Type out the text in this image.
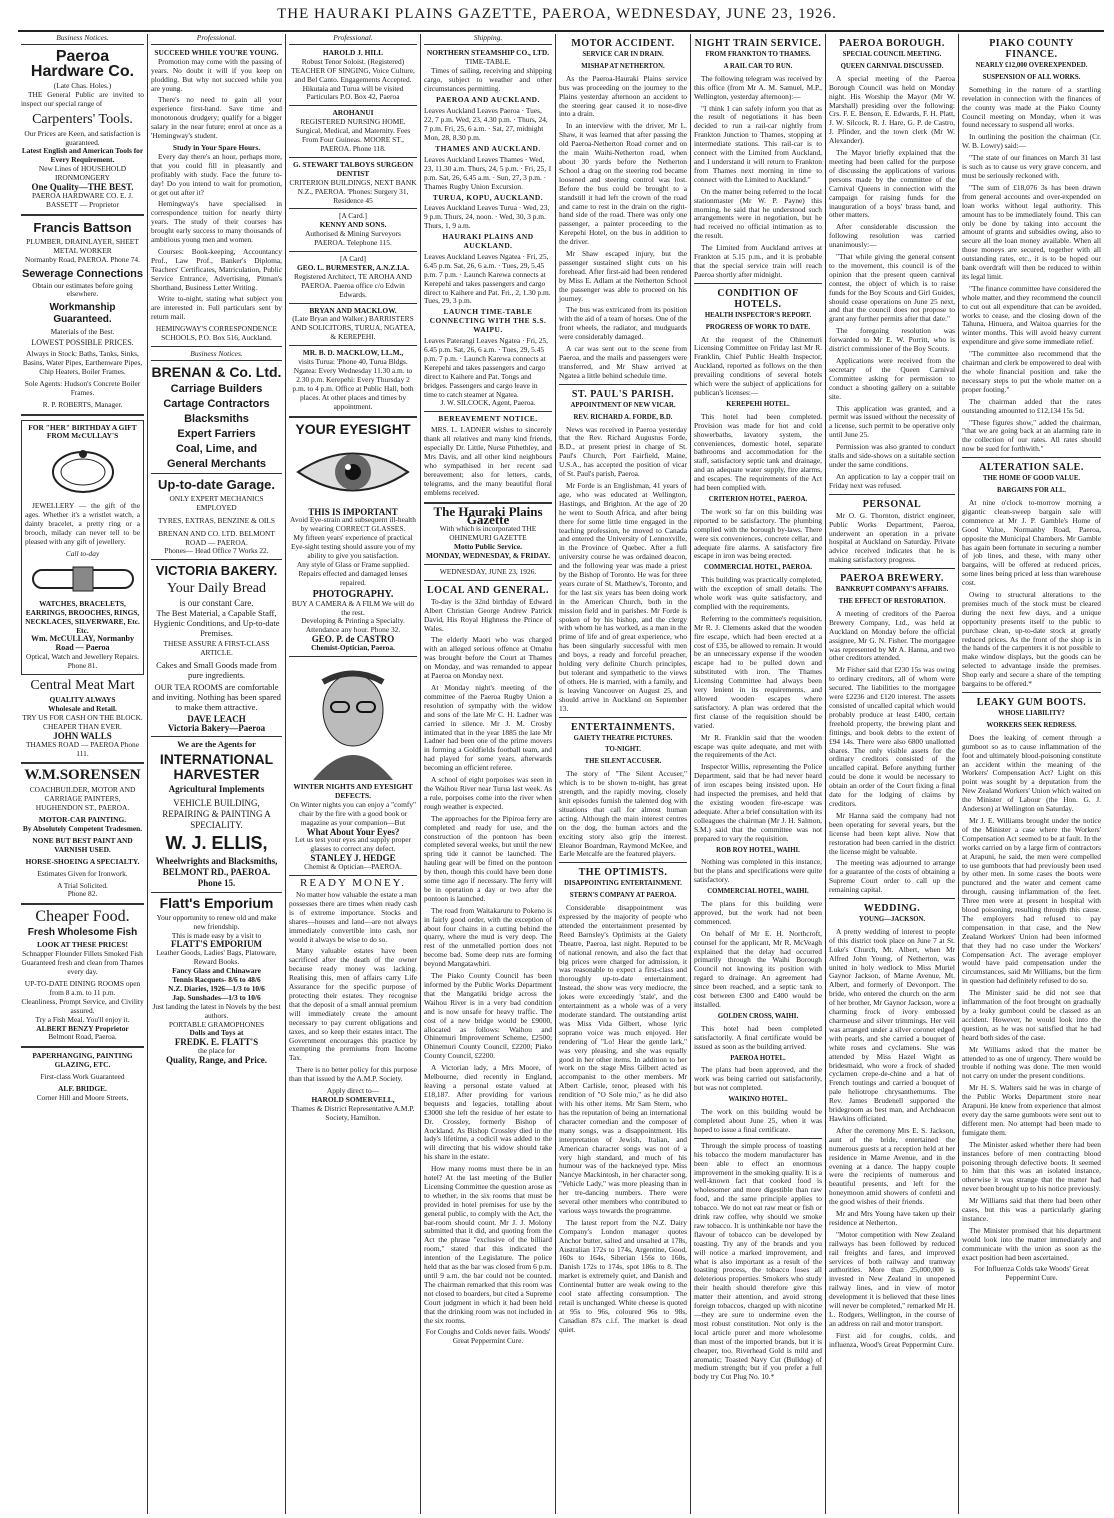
THE HAURAKI PLAINS GAZETTE, PAEROA, WEDNESDAY, JUNE 23, 1926.
Business Notices.
Paeroa Hardware Co.
(Late Chas. Holes.)

THE General Public are invited to inspect our special range of

Carpenters' Tools.
Our Prices are Keen, and satisfaction is guaranteed.
Latest English and American Tools for Every Requirement.
New Lines of HOUSEHOLD IRONMONGERY
One Quality—THE BEST.
PAEROA HARDWARE CO. E. J. BASSETT — Proprietor
Francis Battson
PLUMBER, DRAINLAYER, SHEET METAL WORKER
Normanby Road, PAEROA. Phone 74.
Sewerage Connections
Obtain our estimates before going elsewhere.
Workmanship Guaranteed.
Materials of the Best.
LOWEST POSSIBLE PRICES.
Always in Stock: Baths, Tanks, Sinks, Basins, Water Pipes, Earthenware Pipes, Chip Heaters, Boiler Frames.
Sole Agents: Hudson's Concrete Boiler Frames.
R. P. ROBERTS, Manager.
FOR "HER" BIRTHDAY A GIFT FROM McCULLAY'S

JEWELLERY — the gift of the ages. Whether it's a wristlet watch, a dainty bracelet, a pretty ring or a brooch, milady can never tell to be pleased with any gift of jewellery.

Call to-day
WATCHES, BRACELETS, EARRINGS, BROOCHES, RINGS, NECKLACES, SILVERWARE, Etc. Etc.
Wm. McCULLAY, Normanby Road — Paeroa
Optical, Watch and Jewellery Repairs. Phone 81.
Central Meat Mart
QUALITY ALWAYS
Wholesale and Retail.
TRY US FOR CASH ON THE BLOCK. CHEAPER THAN EVER.
JOHN WALLS
THAMES ROAD — PAEROA Phone 111.
W.M.SORENSEN
COACHBUILDER, MOTOR AND CARRIAGE PAINTERS, HUGHENDON ST., PAEROA.
MOTOR-CAR PAINTING.
By Absolutely Competent Tradesmen.
NONE BUT BEST PAINT AND VARNISH USED.
HORSE-SHOEING A SPECIALTY.
Estimates Given for Ironwork.
A Trial Solicited.
Phone 82.
Cheaper Food.
Fresh Wholesome Fish
LOOK AT THESE PRICES!
Schnapper Flounder Fillets Smoked Fish
Guaranteed fresh and clean from Thames every day.
UP-TO-DATE DINING ROOMS open from 8 a.m. to 11 p.m.
Cleanliness, Prompt Service, and Civility assured.
Try a Fish Meal. You'll enjoy it.
ALBERT BENZY Proprietor
Belmont Road, Paeroa.
PAPERHANGING, PAINTING GLAZING, ETC.
First-class Work Guaranteed
ALF. BRIDGE.
Corner Hill and Moore Streets,
Professional.
SUCCEED WHILE YOU'RE YOUNG.

Promotion may come with the passing of years. No doubt it will if you keep on plodding. But why not succeed while you are young.

There's no need to gain all your experience first-hand. Save time and monotonous drudgery; qualify for a bigger salary in the near future; enrol at once as a 'Hemingway's student.

Study in Your Spare Hours.

Every day there's an hour, perhaps more, that you could fill in pleasantly and profitably with study. Face the future to-day! Do you intend to wait for promotion, or get out after it?

Hemingway's have specialised in correspondence tuition for nearly thirty years. The study of their courses has brought early success to many thousands of ambitious young men and women.

Courses: Book-keeping, Accountancy Prof., Law Prof., Banker's Diploma, Teachers' Certificates, Matriculation, Public Service Entrance, Advertising, Pitman's Shorthand, Business Letter Writing.

Write to-night, stating what subject you are interested in. Full particulars sent by return mail.

HEMINGWAY'S CORRESPONDENCE SCHOOLS, P.O. Box 516, Auckland.
Business Notices.
BRENAN & Co. Ltd.
Carriage Builders
Cartage Contractors
Blacksmiths
Expert Farriers
Coal, Lime, and
General Merchants
Up-to-date Garage.
ONLY EXPERT MECHANICS EMPLOYED
TYRES, EXTRAS, BENZINE & OILS
BRENAN AND CO. LTD. BELMONT ROAD — PAEROA.
Phones— Head Office 7 Works 22.
VICTORIA BAKERY.
Your Daily Bread
is our constant Care.
The Best Material, a Capable Staff, Hygienic Conditions, and Up-to-date Premises.
THESE ASSURE A FIRST-CLASS ARTICLE.
Cakes and Small Goods made from pure ingredients.
OUR TEA ROOMS are comfortable and inviting. Nothing has been spared to make them attractive.
DAVE LEACH
Victoria Bakery—Paeroa
We are the Agents for
INTERNATIONAL HARVESTER
Agricultural Implements
VEHICLE BUILDING, REPAIRING & PAINTING A SPECIALITY.
W. J. ELLIS,
Wheelwrights and Blacksmiths,
BELMONT RD., PAEROA. Phone 15.
Flatt's Emporium
Your opportunity to renew old and make new friendship.
This is made easy by a visit to
FLATT'S EMPORIUM
Leather Goods, Ladies' Bags, Platoware, Reward Books.
Fancy Glass and Chinaware
Tennis Racquets- 8/6 to 48/6
N.Z. Diaries, 1926—1/3 to 10/6
Jap. Sunshades—1/3 to 10/6
Just landing the latest in Novels by the best authors.
PORTABLE GRAMOPHONES
Dolls and Toys at
FREDK. E. FLATT'S
the place for
Quality, Range, and Price.
Professional.
HAROLD J. HILL
Robust Tenor Soloist. (Registered) TEACHER OF SINGING, Voice Culture, and Bel Canto. Engagements Accepted. Hikutaia and Turua will be visited Particulars P.O. Box 42, Paeroa
AROHANUI
REGISTERED NURSING HOME. Surgical, Medical, and Maternity. Fees From Four Guineas. MOORE ST., PAEROA. Phone 118.
G. STEWART TALBOYS SURGEON DENTIST
CRITERION BUILDINGS, NEXT BANK N.Z., PAEROA. 'Phones: Surgery 31, Residence 45
[A Card.]
KENNY AND SONS.
Authorised & Mining Surveyors PAEROA. Telephone 115.
[A Card]
GEO. L. BURMESTER, A.N.Z.I.A.
Registered Architect, TE AROHA AND PAEROA. Paeroa office c/o Edwin Edwards.
BRYAN AND MACKLOW.
(Late Bryan and Walker.) BARRISTERS AND SOLICITORS, TURUA, NGATEA, & KEREPEHI.
MR. B. D. MACKLOW, LL.M.,
visits Turua: 'Phone 40, Turua Bldgs. Ngatea: Every Wednesday 11.30 a.m. to 2.30 p.m. Kerepehi: Every Thursday 2 p.m. to 4 p.m. Office at Public Hall, both places. At other places and times by appointment.
YOUR EYESIGHT
THIS IS IMPORTANT
Avoid Eye-strain and subsequent ill-health by wearing CORRECT GLASSES.
My fifteen years' experience of practical Eye-sight testing should assure you of my ability to give you satisfaction.
Any style of Glass or Frame supplied.
Repairs effected and damaged lenses repaired.
PHOTOGRAPHY.
BUY A CAMERA & A FILM We will do the rest.
Developing & Printing a Specialty.
Attendance any hour. Phone 32.
GEO. P. de CASTRO
Chemist-Optician, Paeroa.
WINTER NIGHTS AND EYESIGHT DEFECTS.
On Winter nights you can enjoy a "comfy" chair by the fire with a good book or magazine as your companion—But
What About Your Eyes?
Let us test your eyes and supply proper glasses to correct any defect.
STANLEY J. HEDGE
Chemist & Optician—PAEROA.
READY MONEY.

No matter how valuable the estate a man possesses there are times when ready cash is of extreme importance. Stocks and shares—houses and land—are not always immediately convertible into cash, nor would it always be wise to do so.

Many valuable estates have been sacrificed after the death of the owner because ready money was lacking. Realising this, men of affairs carry Life Assurance for the specific purpose of protecting their estates. They recognise that the deposit of a small annual premium will immediately create the amount necessary to pay current obligations and taxes, and so keep their estates intact. The Government encourages this practice by exempting the premiums from Income Tax.

There is no better policy for this purpose than that issued by the A.M.P. Society.

Apply direct to—
HAROLD SOMERVELL,
Thames & District Representative A.M.P. Society, Hamilton.
Shipping.
NORTHERN STEAMSHIP CO., LTD.
TIME-TABLE.

Times of sailing, receiving and shipping cargo, subject to weather and other circumstances permitting.

PAEROA AND AUCKLAND.
Leaves Auckland Leaves Paeroa · Tues, 22, 7 p.m. Wed, 23, 4.30 p.m. · Thurs, 24, 7 p.m. Fri, 25, 6 a.m. · Sat, 27, midnight Mon, 28, 8.30 p.m.
THAMES AND AUCKLAND.
Leaves Auckland Leaves Thames · Wed, 23, 11.30 a.m. Thurs, 24, 5 p.m. · Fri, 25, 1 p.m. Sat, 26, 6.45 a.m. · Sun, 27, 3 p.m. · Thames Rugby Union Excursion.
TURUA, KOPU, AUCKLAND.
Leaves Auckland Leaves Turua · Wed, 23, 9 p.m. Thurs, 24, noon. · Wed, 30, 3 p.m. Thurs, 1, 9 a.m.
HAURAKI PLAINS AND AUCKLAND.
Leaves Auckland Leaves Ngatea · Fri, 25, 6.45 p.m. Sat, 26, 6 a.m. · Tues, 29, 5.45 p.m. 7 p.m. · Launch Karewa connects at Kerepehi and takes passengers and cargo direct to Kaihere and Pat. Fri., 2, 1.30 p.m. Tues, 29, 3 p.m.
LAUNCH TIME-TABLE CONNECTING WITH THE S.S. WAIPU.
Leaves Paterangi Leaves Ngatea · Fri, 25, 6.45 p.m. Sat, 26, 6 a.m. · Tues, 29, 5.45 p.m. 7 p.m. · Launch Karewa connects at Kerepehi and takes passengers and cargo direct to Kaihere and Pat. Tongs and bridges. Passengers and cargo leave in time to catch steamer at Ngatea.
J. W. SILCOCK, Agent, Paeroa.
BEREAVEMENT NOTICE.

MRS. L. LADNER wishes to sincerely thank all relatives and many kind friends, especially Dr. Little, Nurse Pithethley, and Mrs Davis, and all other kind neighbours who sympathised in her recent sad bereavement; also for letters, cards, telegrams, and the many beautiful floral emblems received.

The Hauraki Plains Gazette
With which is incorporated THE OHINEMURI GAZETTE
Motto Public Service.
MONDAY, WEDNESDAY, & FRIDAY.
WEDNESDAY, JUNE 23, 1926.
LOCAL AND GENERAL.

To-day is the 32nd birthday of Edward Albert Christian George Andrew Patrick David, His Royal Highness the Prince of Wales.

The elderly Maori who was charged with an alleged serious offence at Omahu was brought before the Court at Thames on Monday, and was remanded to appear at Paeroa on Monday next.

At Monday night's meeting of the committee of the Paeroa Rugby Union a resolution of sympathy with the widow and sons of the late Mr C. H. Ladner was carried in silence. Mr J. M. Crosby intimated that in the year 1885 the late Mr Ladner had been one of the prime movers in forming a Goldfields football team, and had played for some years, afterwards becoming an efficient referee.

A school of eight porpoises was seen in the Waihou River near Turua last week. As a rule, porpoises come into the river when rough weather is expected.

The approaches for the Pipiroa ferry are completed and ready for use, and the construction of the pontoon has been completed several weeks, but until the new spring tide it cannot be launched. The hauling gear will be fitted on the pontoon by then, though this could have been done some time ago if necessary. The ferry will be in operation a day or two after the pontoon is launched.

The road from Waitakaruru to Pokeno is in fairly good order, with the exception of about four chains in a cutting behind the quarry, where the mud is very deep. The rest of the unmetalled portion does not become bad. Some deep ruts are forming beyond Mangatawhiri.

The Piako County Council has been informed by the Public Works Department that the Mangatiki bridge across the Waihou River is in a very bad condition and is now unsafe for heavy traffic. The cost of a new bridge would be £9000, allocated as follows: Waihou and Ohinemuri Improvement Scheme, £2500; Ohinemuri County Council, £2200; Piako County Council, £2200.

A Victorian lady, a Mrs Moore, of Melbourne, died recently in England, leaving a personal estate valued at £18,187. After providing for various bequests and legacies, totalling about £3000 she left the residue of her estate to Dr. Crossley, formerly Bishop of Auckland. As Bishop Crossley died in the lady's lifetime, a codicil was added to the will directing that his widow should take his share in the estate.

How many rooms must there be in an hotel? At the last meeting of the Buller Licensing Committee the question arose as to whether, in the six rooms that must be provided in hotel premises for use by the general public, to comply with the Act, the bar-room should count. Mr J. J. Molony submitted that it did, and quoting from the Act the phrase "exclusive of the billiard room," stated that this indicated the intention of the Legislature. The police held that as the bar was closed from 6 p.m. until 9 a.m. the bar could not be counted. The chairman remarked that this room was not closed to boarders, but cited a Supreme Court judgment in which it had been held that the drinking room was not included in the six rooms.

For Coughs and Colds never fails. Woods' Great Peppermint Cure.
MOTOR ACCIDENT.
SERVICE CAR IN DRAIN.
MISHAP AT NETHERTON.

As the Paeroa-Hauraki Plains service bus was proceeding on the journey to the Plains yesterday afternoon an accident to the steering gear caused it to nose-dive into a drain.

In an interview with the driver, Mr L. Shaw, it was learned that after passing the old Paeroa-Netherton Road corner and on the main Waihi-Netherton road, when about 30 yards before the Netherton School a drag on the steering rod became loosened and steering control was lost. Before the bus could be brought to a standstill it had left the crown of the road and came to rest in the drain on the right-hand side of the road. There was only one passenger, a painter proceeding to the Kerepehi Hotel, on the bus in addition to the driver.

Mr Shaw escaped injury, but the passenger sustained slight cuts on his forehead. After first-aid had been rendered by Miss E. Adlam at the Netherton School the passenger was able to proceed on his journey.

The bus was extricated from its position with the aid of a team of horses. One of the front wheels, the radiator, and mudguards were considerably damaged.

A car was sent out to the scene from Paeroa, and the mails and passengers were transferred, and Mr Shaw arrived at Ngatea a little behind schedule time.

ST. PAUL'S PARISH.
APPOINTMENT OF NEW VICAR.
REV. RICHARD A. FORDE, B.D.

News was received in Paeroa yesterday that the Rev. Richard Augustus Forde, B.D., at present priest in charge of St. Paul's Church, Port Fairfield, Maine, U.S.A., has accepted the position of vicar of St. Paul's parish, Paeroa.

Mr Forde is an Englishman, 41 years of age, who was educated at Wellington, Hastings, and Brighton. At the age of 20 he went to South Africa, and after being there for some little time engaged in the teaching profession, he moved to Canada and entered the University of Lennoxville, in the Province of Quebec. After a full university course he was ordained deacon, and the following year was made a priest by the Bishop of Toronto. He was for three years curate of St. Matthew's, Toronto, and for the last six years has been doing work in the American Church, both in the mission field and in parishes. Mr Forde is spoken of by his bishop, and the clergy with whom he has worked, as a man in the prime of life and of great experience, who has been singularly successful with men and boys, a ready and forceful preacher, holding very definite Church principles, but tolerant and sympathetic to the views of others. He is married, with a family, and is leaving Vancouver on August 25, and should arrive in Auckland on September 13.

ENTERTAINMENTS.
GAIETY THEATRE PICTURES.
TO-NIGHT.
THE SILENT ACCUSER.

The story of "The Silent Accuser," which is to be shown to-night, has great strength, and the rapidly moving, closely knit episodes furnish the talented dog with situations that call for almost human acting. Although the main interest centres on the dog, the human actors and the exciting story also grip the interest. Eleanor Boardman, Raymond McKee, and Earle Metcalfe are the featured players.

THE OPTIMISTS.
DISAPPOINTING ENTERTAINMENT.
STERN'S COMPANY AT PAEROA.

Considerable disappointment was expressed by the majority of people who attended the entertainment presented by Reed Barnsley's Optimists at the Gaiety Theatre, Paeroa, last night. Reputed to be of national renown, and also the fact that big prices were charged for admission, it was reasonable to expect a first-class and thoroughly up-to-date entertainment. Instead, the show was very mediocre, the jokes were exceedingly 'stale', and the entertainment as a whole was of a very moderate standard. The outstanding artist was Miss Vida Gilbert, whose lyric soprano voice was much enjoyed. Her rendering of "Lo! Hear the gentle lark," was very pleasing, and she was equally good in her other items. In addition to her work on the stage Miss Gilbert acted as accompanist to the other members. Mr Albert Carlisle, tenor, pleased with his rendition of "O Sole mio," as he did also with his other items. Mr Sam Stern, who has the reputation of being an international character comedian and the composer of many songs, was a disappointment. His interpretation of Jewish, Italian, and American character songs was not of a very high standard, and much of his humour was of the hackneyed type. Miss Nancye Mackintosh, in her character song, "Vehicle Lady," was more pleasing than in her tre-dancing numbers. There were several other members who contributed to various ways towards the programme.

The latest report from the N.Z. Dairy Company's London manager quotes Anchor butter, salted and unsalted at 178s, Australian 172s to 174s, Argentine, Good, 160s to 164s, Siberian 156s to 160s, Danish 172s to 174s, spot 186s to 8. The market is extremely quiet, and Danish and Continental butter are weak owing to the cool state affecting consumption. The retail is unchanged. White cheese is quoted at 95s to 96s, coloured 96s to 98s, Canadian 87s c.i.f. The market is dead quiet.

NIGHT TRAIN SERVICE.
FROM FRANKTON TO THAMES.
A RAIL CAR TO RUN.

The following telegram was received by this office (from Mr A. M. Samuel, M.P., Wellington, yesterday afternoon):—

"I think I can safely inform you that as the result of negotiations it has been decided to run a rail-car nightly from Frankton Junction to Thames, stopping at intermediate stations. This rail-car is to connect with the Limited from Auckland, and I understand it will return to Frankton from Thames next morning in time to connect with the Limited to Auckland."

On the matter being referred to the local stationmaster (Mr W. P. Payne) this morning, he said that he understood such arrangements were in negotiation, but he had received no official intimation as to the result.

The Limited from Auckland arrives at Frankton at 5.15 p.m., and it is probable that the special service train will reach Paeroa shortly after midnight.

CONDITION OF HOTELS.
HEALTH INSPECTOR'S REPORT.
PROGRESS OF WORK TO DATE.

At the request of the Ohinemuri Licensing Committee on Friday last Mr R. Franklin, Chief Public Health Inspector, Auckland, reported as follows on the then prevailing conditions of several hotels which were the subject of applications for publican's licenses:—

KEREPEHI HOTEL.

This hotel had been completed. Provision was made for hot and cold showerbaths, lavatory system, the conveniences, domestic hotel, separate bathrooms and accommodation for the staff, satisfactory septic tank and drainage, and an adequate water supply, fire alarms, and escapes. The requirements of the Act had been complied with.

CRITERION HOTEL, PAEROA.

The work so far on this building was reported to be satisfactory. The plumbing complied with the borough by-laws. There were six conveniences, concrete cellar, and adequate fire alarms. A satisfactory fire escape in iron was being erected.

COMMERCIAL HOTEL, PAEROA.

This building was practically completed, with the exception of small details. The whole work was quite satisfactory, and complied with the requirements.

Referring to the committee's requisition, Mr R. J. Clements asked that the wooden fire escape, which had been erected at a cost of £35, be allowed to remain. It would be an unnecessary expense if the wooden escape had to be pulled down and substituted with iron. The Thames Licensing Committee had always been very lenient in its requirements, and allowed wooden escapes where satisfactory. A plan was ordered that the first clause of the requisition should be varied.

Mr R. Franklin said that the wooden escape was quite adequate, and met with the requirements of the Act.

Inspector Willis, representing the Police Department, said that he had never heard of iron escapes being insisted upon. He had inspected the premises, and held that the existing wooden fire-escape was adequate. After a brief consultation with its colleagues the chairman (Mr J. H. Salmon, S.M.) said that the committee was not prepared to vary the requisition.

ROB ROY HOTEL, WAIHI.

Nothing was completed in this instance, but the plans and specifications were quite satisfactory.

COMMERCIAL HOTEL, WAIHI.

The plans for this building were approved, but the work had not been commenced.

On behalf of Mr E. H. Northcroft, counsel for the applicant, Mr R. McVeagh explained that the delay had occurred primarily through the Waihi Borough Council not knowing its position with regard to drainage. An agreement had since been reached, and a septic tank to cost between £300 and £400 would be installed.

GOLDEN CROSS, WAIHI.

This hotel had been completed satisfactorily. A final certificate would be issued as soon as the building arrived.

PAEROA HOTEL.

The plans had been approved, and the work was being carried out satisfactorily, but was not completed.

WAIKINO HOTEL.

The work on this building would be completed about June 25, when it was hoped to issue a final certificate.

Through the simple process of toasting his tobacco the modern manufacturer has been able to effect an enormous improvement in the smoking quality. It is a well-known fact that cooked food is wholesomer and more digestible than raw food, and the same principle applies to tobacco. We do not eat raw meat or fish or drink raw coffee, why should we smoke raw tobacco. It is unthinkable nor have the flavour of tobacco can be developed by toasting. Try any of the brands and you will notice a marked improvement, and what is also important as a result of the toasting process, the tobacco loses all deleterious properties. Smokers who study their health should therefore give this matter their attention, and avoid strong foreign tobaccos, charged up with nicotine—they are sure to undermine even the most robust constitution. Not only is the local article purer and more wholesome than most of the imported brands, but it is cheaper, too. Riverhead Gold is mild and aromatic; Toasted Navy Cut (Bulldog) of medium strength; but if you prefer a full body try Cut Plug No. 10.*

PAEROA BOROUGH.
SPECIAL COUNCIL MEETING.
QUEEN CARNIVAL DISCUSSED.

A special meeting of the Paeroa Borough Council was held on Monday night. His Worship the Mayor (Mr W. Marshall) presiding over the following: Crs. F. E. Benson, E. Edwards, F. H. Platt, J. W. Silcock, R. J. Hare, G. P. de Castro, J. Pfinder, and the town clerk (Mr W. Alexander).

The Mayor briefly explained that the meeting had been called for the purpose of discussing the applications of various persons made by the committee of the Carnival Queens in connection with the campaign for raising funds for the inauguration of a boys' brass band, and other matters.

After considerable discussion the following resolution was carried unanimously:—

"That while giving the general consent to the movement, this council is of the opinion that the present queen carnival contest, the object of which is to raise funds for the Boy Scouts and Girl Guides, should cease operations on June 25 next, and that the council does not propose to grant any further permits after that date."

The foregoing resolution was forwarded to Mr E. W. Porritt, who is district commissioner of the Boy Scouts.

Applications were received from the secretary of the Queen Carnival Committee asking for permission to conduct a shooting gallery on a suitable site.

This application was granted, and a permit was issued without the necessity of a license, such permit to be operative only until June 25.

Permission was also granted to conduct stalls and side-shows on a suitable section under the same conditions.

An application to lay a copper trail on Friday next was refused.

PERSONAL

Mr O. G. Thornton, district engineer, Public Works Department, Paeroa, underwent an operation in a private hospital at Auckland on Saturday. Private advice received indicates that he is making satisfactory progress.

PAEROA BREWERY.
BANKRUPT COMPANY'S AFFAIRS.
THE EFFECT OF RESTORATION.

A meeting of creditors of the Paeroa Brewery Company, Ltd., was held at Auckland on Monday before the official assignee, Mr G. N. Fisher. The mortgagee was represented by Mr A. Hanna, and two other creditors attended.

Mr Fisher said that £230 15s was owing to ordinary creditors, all of whom were secured. The liabilities to the mortgagee were £2236 and £120 interest. The assets consisted of uncalled capital which would probably produce at least £400, certain freehold property, the brewing plant and fittings, and book debts to the extent of £94 14s. There were also 6800 unallotted shares. The only visible assets for the ordinary creditors consisted of the uncalled capital. Before anything further could be done it would be necessary to obtain an order of the Court fixing a final date for the lodging of claims by creditors.

Mr Hanna said the company had not been operating for several years, but the license had been kept alive. Now that restoration had been carried in the district the license might be valuable.

The meeting was adjourned to arrange for a guarantee of the costs of obtaining a Supreme Court order to call up the remaining capital.

WEDDING.
YOUNG—JACKSON.

A pretty wedding of interest to people of this district took place on June 7 at St. Luke's Church, Mt. Albert, when Mr Alfred John Young, of Netherton, was united in holy wedlock to Miss Muriel Gaynor Jackson, of Marne Avenue, Mt. Albert, and formerly of Devonport. The bride, who entered the church on the arm of her brother, Mr Gaynor Jackson, wore a charming frock of ivory embossed charmeuse and silver trimmings. Her veil was arranged under a silver coronet edged with pearls, and she carried a bouquet of white roses and cyclamens. She was attended by Miss Hazel Wight as bridesmaid, who wore a frock of shaded cyclamen crepe-de-chine and a hat of French toutings and carried a bouquet of pale heliotrope chrysanthemums. The Rev. James Brudenell supported the bridegroom as best man, and Archdeacon Hawkins officiated.

After the ceremony Mrs E. S. Jackson, aunt of the bride, entertained the numerous guests at a reception held at her residence in Marne Avenue, and in the evening at a dance. The happy couple were the recipients of numerous and beautiful presents, and left for the honeymoon amid showers of confetti and the good wishes of their friends.

Mr and Mrs Young have taken up their residence at Netherton.

"Motor competition with New Zealand railways has been followed by reduced rail freights and fares, and improved services of both railway and tramway authorities. More than 25,000,000 is invested in New Zealand in unopened railway lines, and in view of motor development it is believed that these lines will never be completed," remarked Mr H. L. Rodgers, Wellington, in the course of an address on rail and motor transport.

First aid for coughs, colds, and influenza, Wood's Great Peppermint Cure.

PIAKO COUNTY FINANCE.
NEARLY £12,000 OVEREXPENDED.
SUSPENSION OF ALL WORKS.

Something in the nature of a startling revelation in connection with the finances of the county was made at the Piako County Council meeting on Monday, when it was found necessary to suspend all works.

In outlining the position the chairman (Cr. W. B. Lowry) said:—

"The state of our finances on March 31 last is such as to cause us very grave concern, and must be seriously reckoned with.

"The sum of £18,076 3s has been drawn from general accounts and over-expended on loan works without legal authority. This amount has to be immediately found. This can only be done by taking into account the amount of grants and subsidies owing, also to secure all the loan money available. When all those moneys are secured, together with all outstanding rates, etc., it is to be hoped our bank overdraft will then be reduced to within its legal limit.

"The finance committee have considered the whole matter, and they recommend the council to cut out all expenditure that can be avoided, works to cease, and the closing down of the Tahuna, Hinuera, and Waitoa quarries for the winter months. This will avoid heavy current expenditure and give some immediate relief.

"The committee also recommend that the chairman and clerk be empowered to deal with the whole financial position and take the necessary steps to put the whole matter on a proper footing."

The chairman added that the rates outstanding amounted to £12,134 15s 5d.

"These figures show," added the chairman, "that we are going back at an alarming rate in the collection of our rates. All rates should now be sued for forthwith."

ALTERATION SALE.
THE HOME OF GOOD VALUE.
BARGAINS FOR ALL.

At nine o'clock to-morrow morning a gigantic clean-sweep bargain sale will commence at Mr J. P. Gamble's Home of Good Value, Normanby Road, Paeroa, opposite the Municipal Chambers. Mr Gamble has again been fortunate in securing a number of job lines, and these, with many other bargains, will be offered at reduced prices, some lines being priced at less than warehouse cost.

Owing to structural alterations to the premises much of the stock must be cleared during the next few days, and a unique opportunity presents itself to the public to purchase clean, up-to-date stock at greatly reduced prices. As the front of the shop is in the hands of the carpenters it is not possible to make window displays, but the goods can be selected to advantage inside the premises. Shop early and secure a share of the tempting bargains to be offered.*

LEAKY GUM BOOTS.
WHOSE LIABILITY?
WORKERS SEEK REDRESS.

Does the leaking of cement through a gumboot so as to cause inflammation of the foot and ultimately blood-poisoning constitute an accident within the meaning of the Workers' Compensation Act? Light on this point was sought by a deputation from the New Zealand Workers' Union which waited on the Minister of Labour (the Hon. G. J. Anderson) at Wellington on Saturday.

Mr J. E. Williams brought under the notice of the Minister a case where the Workers' Compensation Act seemed to be at fault. In the works carried on by a large firm of contractors at Arapuni, he said, the men were compelled to use gumboots that had previously been used by other men. In some cases the boots were punctured and the water and cement came through, causing inflammation of the feet. Three men were at present in hospital with blood poisoning, resulting through this cause. The employers had refused to pay compensation in that case, and the New Zealand Workers' Union had been informed that they had no case under the Workers' Compensation Act. The average employer would have paid compensation under the circumstances, said Mr Williams, but the firm in question had definitely refused to do so.

The Minister said he did not see that inflammation of the foot brought on gradually by a leaky gumboot could be classed as an accident. However, he would look into the question, as he was not satisfied that he had heard both sides of the case.

Mr Williams asked that the matter be attended to as one of urgency. There would be trouble if nothing was done. The men would not carry on under the present conditions.

Mr H. S. Walters said he was in charge of the Public Works Department store near Arapuni. He knew from experience that almost every day the same gumboots were sent out to different men. No attempt had been made to fumigate them.

The Minister asked whether there had been instances before of men contracting blood poisoning through defective boots. It seemed to him that this was an isolated instance, otherwise it was strange that the matter had never been brought up to his notice previously.

Mr Williams said that there had been other cases, but this was a particularly glaring instance.

The Minister promised that his department would look into the matter immediately and communicate with the union as soon as the exact position had been ascertained.

For Influenza Colds take Woods' Great Peppermint Cure.
